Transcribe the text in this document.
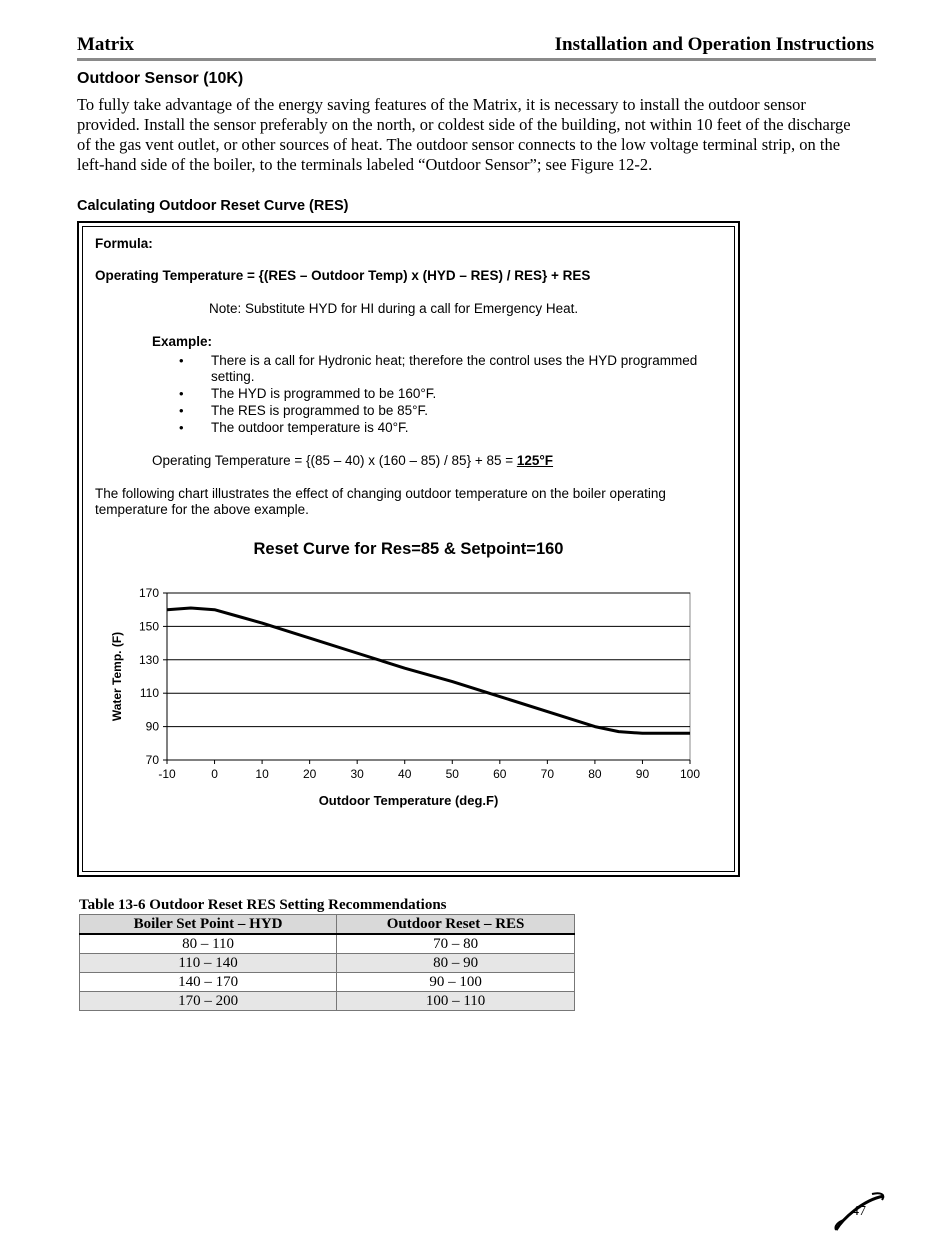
Matrix	Installation and Operation Instructions
Outdoor Sensor (10K)
To fully take advantage of the energy saving features of the Matrix, it is necessary to install the outdoor sensor provided. Install the sensor preferably on the north, or coldest side of the building, not within 10 feet of the discharge of the gas vent outlet, or other sources of heat. The outdoor sensor connects to the low voltage terminal strip, on the left-hand side of the boiler, to the terminals labeled “Outdoor Sensor”; see Figure 12-2.
Calculating Outdoor Reset Curve (RES)
Formula:
Operating Temperature = {(RES – Outdoor Temp) x (HYD – RES) / RES} + RES
Note: Substitute HYD for HI during a call for Emergency Heat.
Example:
• There is a call for Hydronic heat; therefore the control uses the HYD programmed setting.
• The HYD is programmed to be 160°F.
• The RES is programmed to be 85°F.
• The outdoor temperature is 40°F.
Operating Temperature = {(85 – 40) x (160 – 85) / 85} + 85 = 125°F
The following chart illustrates the effect of changing outdoor temperature on the boiler operating temperature for the above example.
Reset Curve for Res=85 & Setpoint=160
70
90
110
130
150
170
-10	0	10	20	30	40	50	60	70	80	90	100
Outdoor Temperature (deg.F)
Water Temp. (F)
Table 13-6 Outdoor Reset RES Setting Recommendations
Boiler Set Point – HYD	Outdoor Reset – RES
80 – 110	70 – 80
110 – 140	80 – 90
140 – 170	90 – 100
170 – 200	100 – 110
47
